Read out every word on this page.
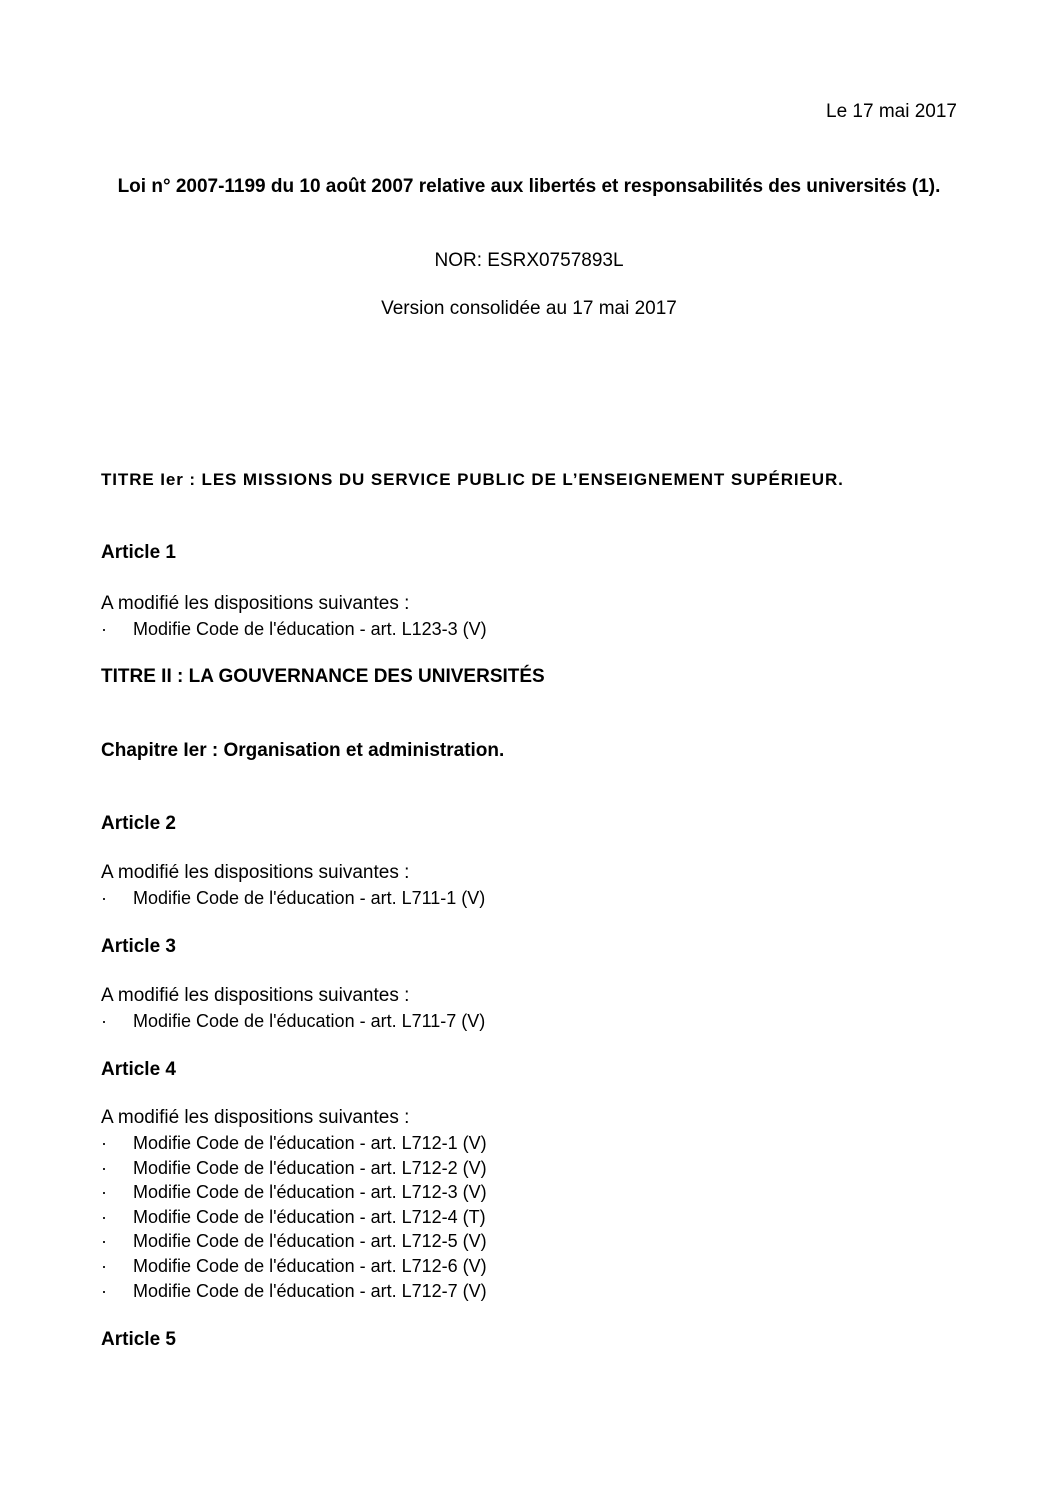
Le 17 mai 2017

Loi n° 2007-1199 du 10 août 2007 relative aux libertés et responsabilités des universités (1).

NOR: ESRX0757893L

Version consolidée au 17 mai 2017

TITRE Ier : LES MISSIONS DU SERVICE PUBLIC DE L’ENSEIGNEMENT SUPÉRIEUR.

Article 1

A modifié les dispositions suivantes :

·	Modifie Code de l'éducation - art. L123-3 (V)

TITRE II : LA GOUVERNANCE DES UNIVERSITÉS

Chapitre Ier : Organisation et administration.

Article 2

A modifié les dispositions suivantes :

·	Modifie Code de l'éducation - art. L711-1 (V)

Article 3

A modifié les dispositions suivantes :

·	Modifie Code de l'éducation - art. L711-7 (V)

Article 4

A modifié les dispositions suivantes :

·	Modifie Code de l'éducation - art. L712-1 (V)
·	Modifie Code de l'éducation - art. L712-2 (V)
·	Modifie Code de l'éducation - art. L712-3 (V)
·	Modifie Code de l'éducation - art. L712-4 (T)
·	Modifie Code de l'éducation - art. L712-5 (V)
·	Modifie Code de l'éducation - art. L712-6 (V)
·	Modifie Code de l'éducation - art. L712-7 (V)

Article 5
